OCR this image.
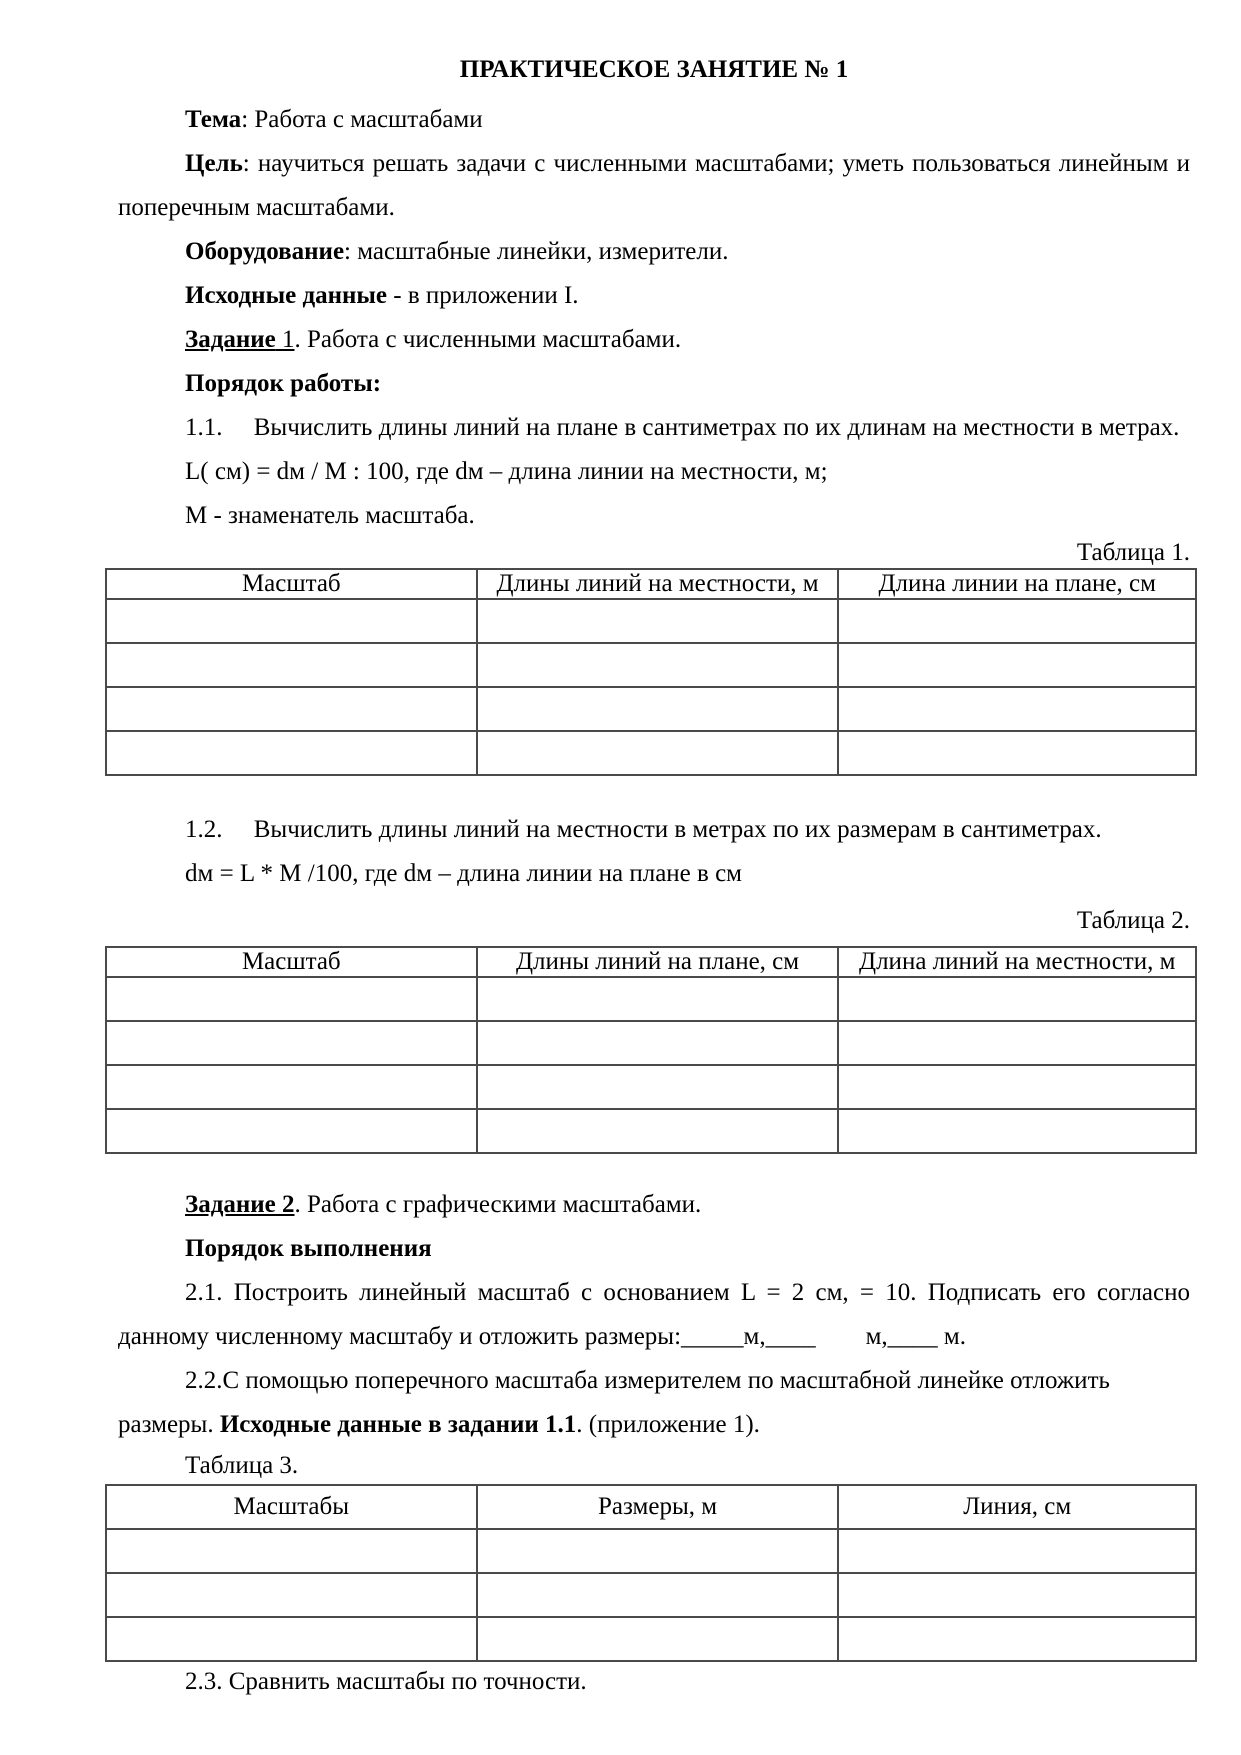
ПРАКТИЧЕСКОЕ ЗАНЯТИЕ № 1
Тема: Работа с масштабами
Цель: научиться решать задачи с численными масштабами; уметь пользоваться линейным и
поперечным масштабами.
Оборудование: масштабные линейки, измерители.
Исходные данные - в приложении I.
Задание 1. Работа с численными масштабами.
Порядок работы:
1.1.     Вычислить длины линий на плане в сантиметрах по их длинам на местности в метрах.
L( см) = dм / М : 100, где dм – длина линии на местности, м;
М - знаменатель масштаба.
Таблица 1.
Масштаб	Длины линий на местности, м	Длина линии на плане, см

1.2.     Вычислить длины линий на местности в метрах по их размерам в сантиметрах.
dм = L * М /100, где dм – длина линии на плане в см
Таблица 2.
Масштаб	Длины линий на плане, см	Длина линий на местности, м

Задание 2. Работа с графическими масштабами.
Порядок выполнения
2.1. Построить линейный масштаб с основанием L = 2 см, = 10. Подписать его согласно
данному численному масштабу и отложить размеры:_____м,____        м,____ м.
2.2.С помощью поперечного масштаба измерителем по масштабной линейке отложить
размеры. Исходные данные в задании 1.1. (приложение 1).
Таблица 3.
Масштабы	Размеры, м	Линия, см

2.3. Сравнить масштабы по точности.
